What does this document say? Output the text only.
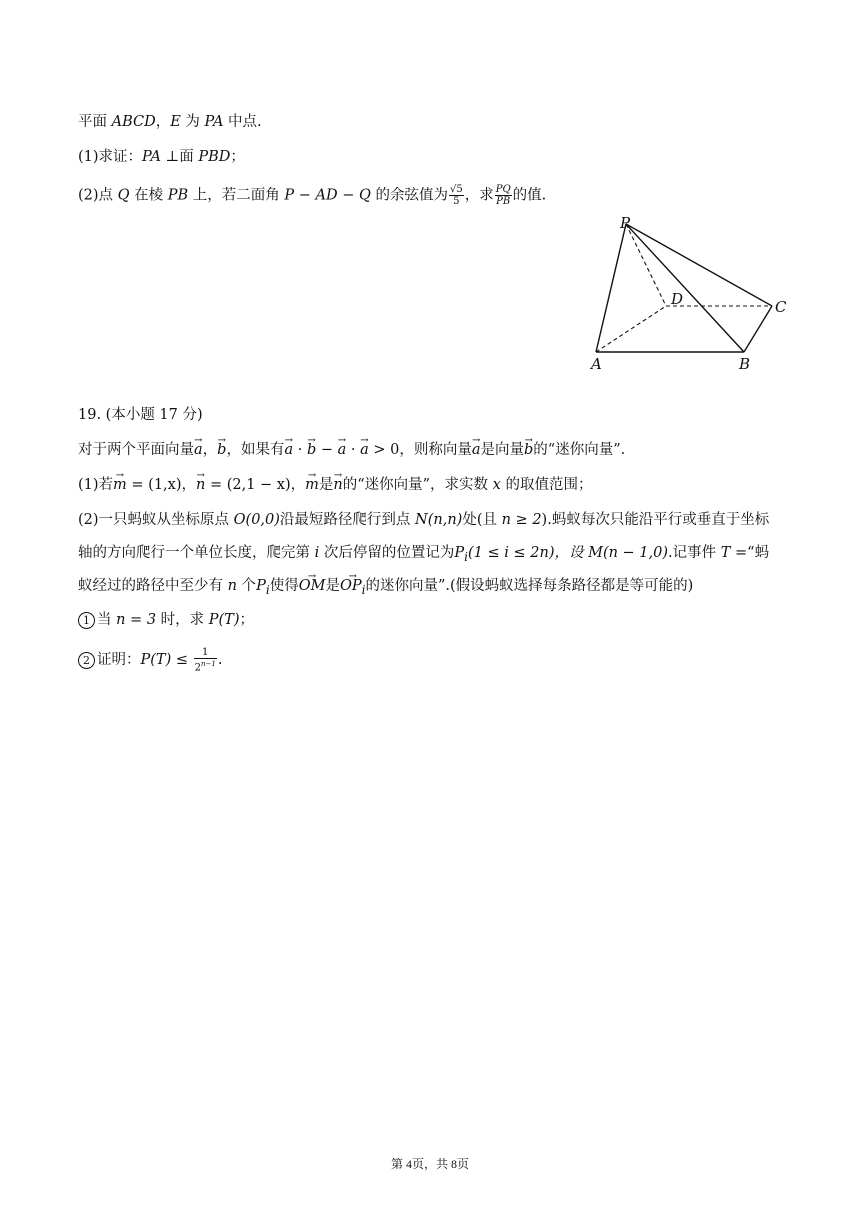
平面 ABCD，E 为 PA 中点.
(1)求证：PA ⊥面 PBD；
(2)点 Q 在棱 PB 上，若二面角 P − AD − Q 的余弦值为 $\frac{√5}{5}$ ，求 $\frac{PQ}{PB}$ 的值.
P
D	C
A	B
19. (本小题 17 分)
对于两个平面向量→ a，→ b，如果有→ a · → b − → a · → a > 0，则称向量→ a是向量→ b的“迷你向量”.
(1)若→ m = (1,x)，→ n = (2,1 − x)，→ m是→ n的“迷你向量”，求实数 x 的取值范围；
(2)一只蚂蚁从坐标原点 O(0,0)沿最短路径爬行到点 N(n,n)处(且 n ≥ 2).蚂蚁每次只能沿平行或垂直于坐标
轴的方向爬行一个单位长度，爬完第 i 次后停留的位置记为$P_i(1 \le i \le 2n)$，设 M(n − 1,0).记事件 T =“蚂
蚁经过的路径中至少有 n 个$P_i$使得→ OM是→ $OP_i$的迷你向量”.(假设蚂蚁选择每条路径都是等可能的)
1 当 n = 3 时，求 P(T)；
2 证明：$P(T) \le \frac{1}{2^{n-1}}$ .
第 4页，共 8页
